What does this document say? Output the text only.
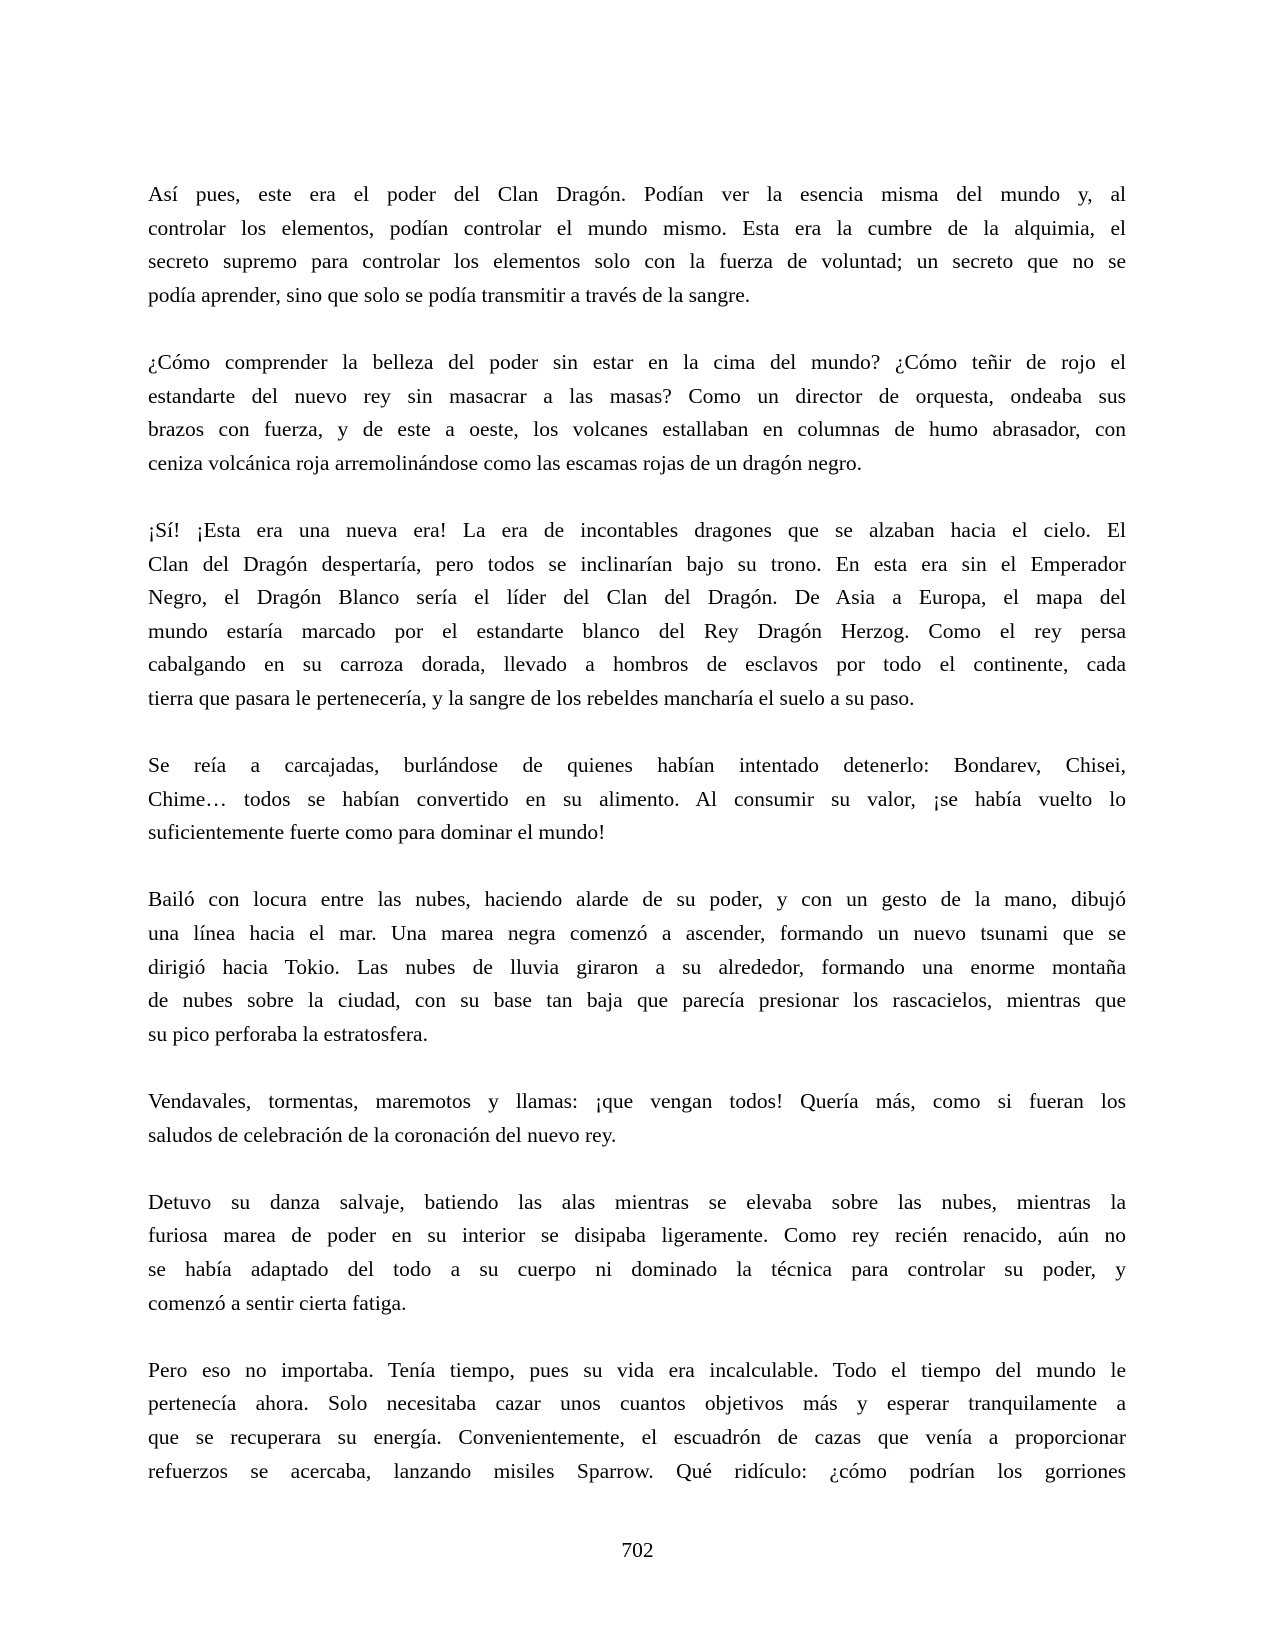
Así pues, este era el poder del Clan Dragón. Podían ver la esencia misma del mundo y, al
controlar los elementos, podían controlar el mundo mismo. Esta era la cumbre de la alquimia, el
secreto supremo para controlar los elementos solo con la fuerza de voluntad; un secreto que no se
podía aprender, sino que solo se podía transmitir a través de la sangre.

¿Cómo comprender la belleza del poder sin estar en la cima del mundo? ¿Cómo teñir de rojo el
estandarte del nuevo rey sin masacrar a las masas? Como un director de orquesta, ondeaba sus
brazos con fuerza, y de este a oeste, los volcanes estallaban en columnas de humo abrasador, con
ceniza volcánica roja arremolinándose como las escamas rojas de un dragón negro.

¡Sí! ¡Esta era una nueva era! La era de incontables dragones que se alzaban hacia el cielo. El
Clan del Dragón despertaría, pero todos se inclinarían bajo su trono. En esta era sin el Emperador
Negro, el Dragón Blanco sería el líder del Clan del Dragón. De Asia a Europa, el mapa del
mundo estaría marcado por el estandarte blanco del Rey Dragón Herzog. Como el rey persa
cabalgando en su carroza dorada, llevado a hombros de esclavos por todo el continente, cada
tierra que pasara le pertenecería, y la sangre de los rebeldes mancharía el suelo a su paso.

Se reía a carcajadas, burlándose de quienes habían intentado detenerlo: Bondarev, Chisei,
Chime… todos se habían convertido en su alimento. Al consumir su valor, ¡se había vuelto lo
suficientemente fuerte como para dominar el mundo!

Bailó con locura entre las nubes, haciendo alarde de su poder, y con un gesto de la mano, dibujó
una línea hacia el mar. Una marea negra comenzó a ascender, formando un nuevo tsunami que se
dirigió hacia Tokio. Las nubes de lluvia giraron a su alrededor, formando una enorme montaña
de nubes sobre la ciudad, con su base tan baja que parecía presionar los rascacielos, mientras que
su pico perforaba la estratosfera.

Vendavales, tormentas, maremotos y llamas: ¡que vengan todos! Quería más, como si fueran los
saludos de celebración de la coronación del nuevo rey.

Detuvo su danza salvaje, batiendo las alas mientras se elevaba sobre las nubes, mientras la
furiosa marea de poder en su interior se disipaba ligeramente. Como rey recién renacido, aún no
se había adaptado del todo a su cuerpo ni dominado la técnica para controlar su poder, y
comenzó a sentir cierta fatiga.

Pero eso no importaba. Tenía tiempo, pues su vida era incalculable. Todo el tiempo del mundo le
pertenecía ahora. Solo necesitaba cazar unos cuantos objetivos más y esperar tranquilamente a
que se recuperara su energía. Convenientemente, el escuadrón de cazas que venía a proporcionar
refuerzos se acercaba, lanzando misiles Sparrow. Qué ridículo: ¿cómo podrían los gorriones

702
